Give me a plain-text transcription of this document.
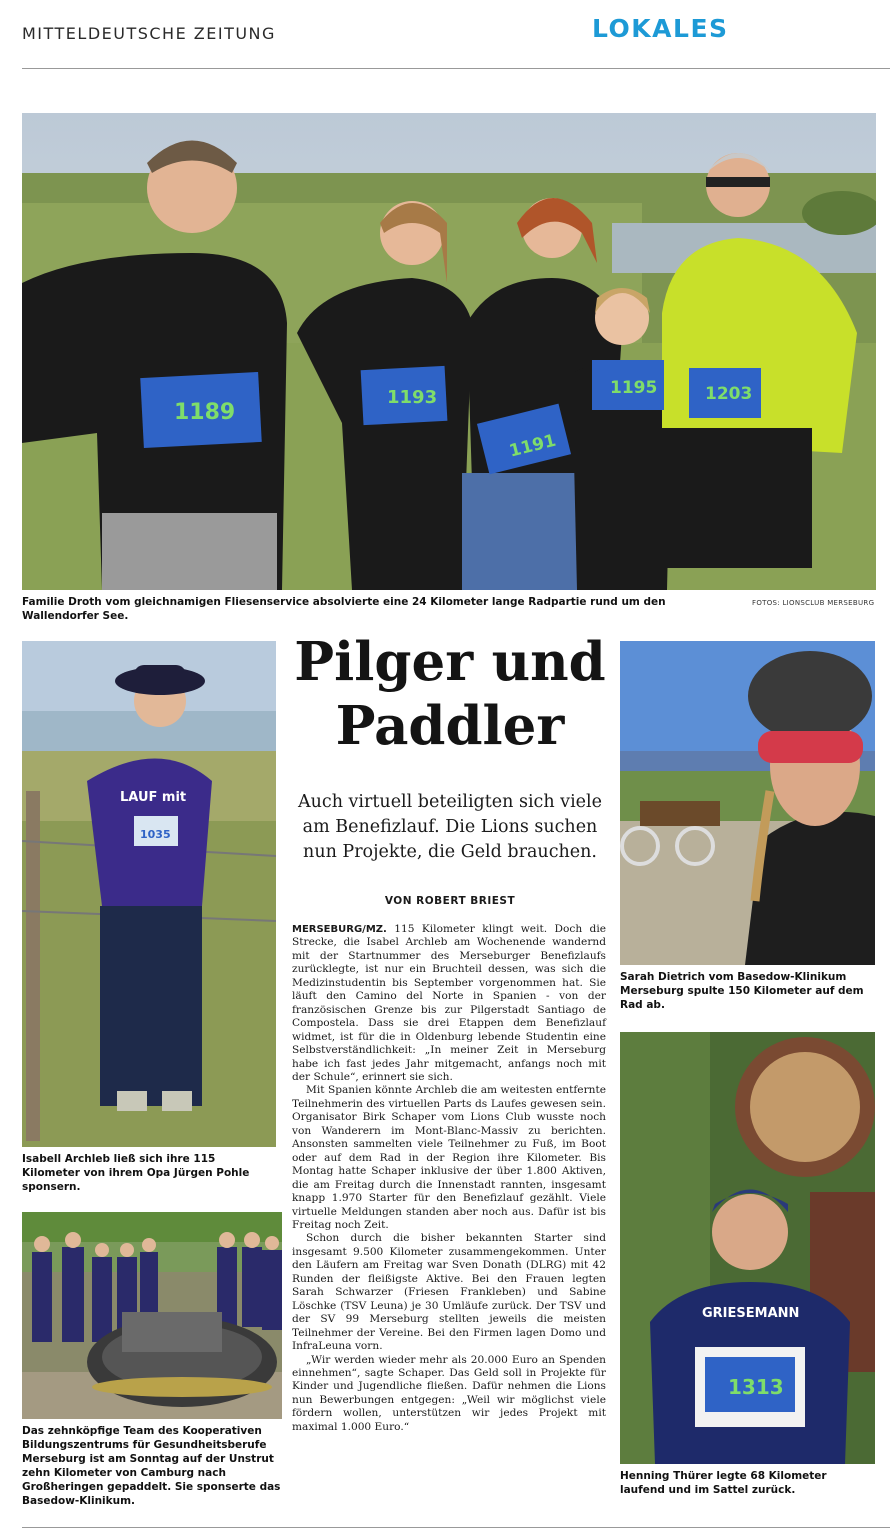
MITTELDEUTSCHE ZEITUNG	LOKALES
1189
1193
1191
1195	1203
Familie Droth vom gleichnamigen Fliesenservice absolvierte eine 24 Kilometer lange Radpartie rund um den Wallendorfer See.
FOTOS: LIONSCLUB MERSEBURG
1035
LAUF mit
Isabell Archleb ließ sich ihre 115 Kilometer von ihrem Opa Jürgen Pohle sponsern.
Das zehnköpfige Team des Kooperativen Bildungszentrums für Gesundheitsberufe Merseburg ist am Sonntag auf der Unstrut zehn Kilometer von Camburg nach Großheringen gepaddelt. Sie sponserte das Basedow-Klinikum.
Pilger und
Paddler
Auch virtuell beteiligten sich viele am Benefizlauf. Die Lions suchen nun Projekte, die Geld brauchen.
VON ROBERT BRIEST

MERSEBURG/MZ. 115 Kilometer klingt weit. Doch die Strecke, die Isabel Archleb am Wochenende wandernd mit der Startnummer des Merseburger Benefizlaufs zurücklegte, ist nur ein Bruchteil dessen, was sich die Medizinstudentin bis September vorgenommen hat. Sie läuft den Camino del Norte in Spanien - von der französischen Grenze bis zur Pilgerstadt Santiago de Compostela. Dass sie drei Etappen dem Benefizlauf widmet, ist für die in Oldenburg lebende Studentin eine Selbstverständlichkeit: „In meiner Zeit in Merseburg habe ich fast jedes Jahr mitgemacht, anfangs noch mit der Schule“, erinnert sie sich.

Mit Spanien könnte Archleb die am weitesten entfernte Teilnehmerin des virtuellen Parts ds Laufes gewesen sein. Organisator Birk Schaper vom Lions Club wusste noch von Wanderern im Mont-Blanc-Massiv zu berichten. Ansonsten sammelten viele Teilnehmer zu Fuß, im Boot oder auf dem Rad in der Region ihre Kilometer. Bis Montag hatte Schaper inklusive der über 1.800 Aktiven, die am Freitag durch die Innenstadt rannten, insgesamt knapp 1.970 Starter für den Benefizlauf gezählt. Viele virtuelle Meldungen standen aber noch aus. Dafür ist bis Freitag noch Zeit.

Schon durch die bisher bekannten Starter sind insgesamt 9.500 Kilometer zusammengekommen. Unter den Läufern am Freitag war Sven Donath (DLRG) mit 42 Runden der fleißigste Aktive. Bei den Frauen legten Sarah Schwarzer (Friesen Frankleben) und Sabine Löschke (TSV Leuna) je 30 Umläufe zurück. Der TSV und der SV 99 Merseburg stellten jeweils die meisten Teilnehmer der Vereine. Bei den Firmen lagen Domo und InfraLeuna vorn.

„Wir werden wieder mehr als 20.000 Euro an Spenden einnehmen“, sagte Schaper. Das Geld soll in Projekte für Kinder und Jugendliche fließen. Dafür nehmen die Lions nun Bewerbungen entgegen: „Weil wir möglichst viele fördern wollen, unterstützen wir jedes Projekt mit maximal 1.000 Euro.“

Sarah Dietrich vom Basedow-Klinikum Merseburg spulte 150 Kilometer auf dem Rad ab.
GRIESEMANN
1313
Henning Thürer legte 68 Kilometer laufend und im Sattel zurück.
